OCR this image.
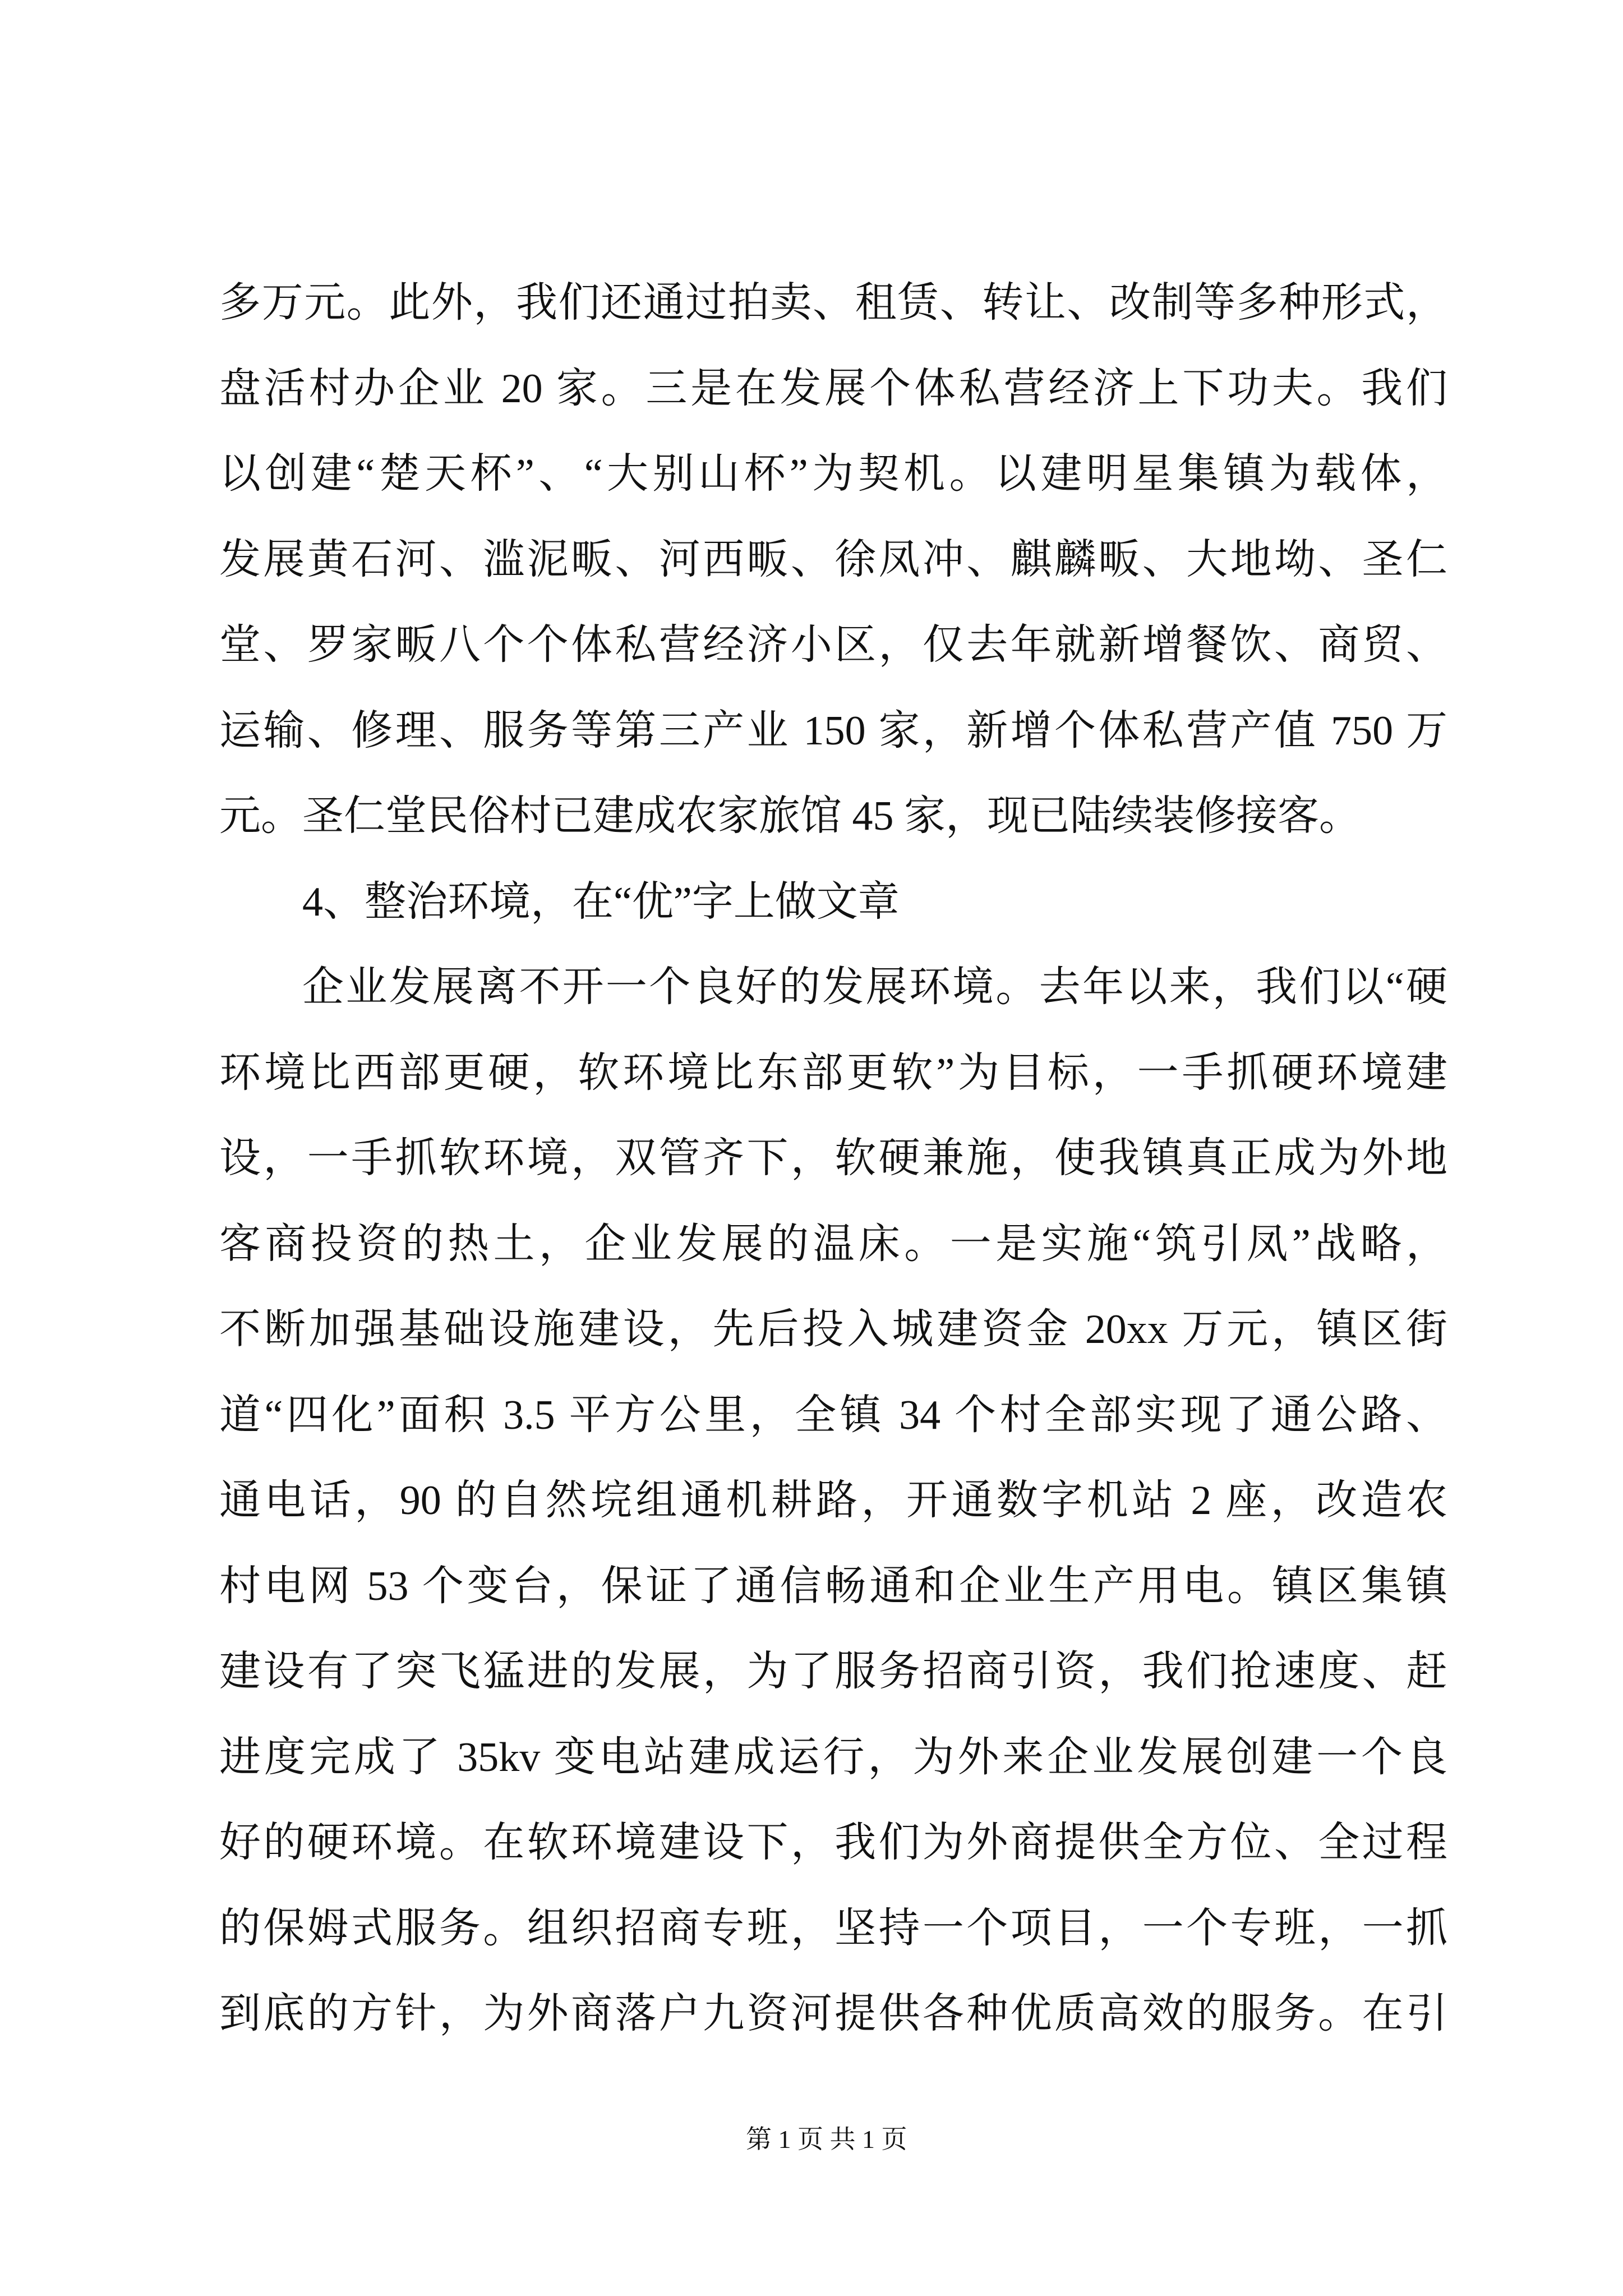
多万元。此外，我们还通过拍卖、租赁、转让、改制等多种形式，
盘活村办企业 20 家。三是在发展个体私营经济上下功夫。我们
以创建“楚天杯”、“大别山杯”为契机。以建明星集镇为载体，
发展黄石河、滥泥畈、河西畈、徐凤冲、麒麟畈、大地坳、圣仁
堂、罗家畈八个个体私营经济小区，仅去年就新增餐饮、商贸、
运输、修理、服务等第三产业 150 家，新增个体私营产值 750 万
元。圣仁堂民俗村已建成农家旅馆 45 家，现已陆续装修接客。
4、整治环境，在“优”字上做文章
企业发展离不开一个良好的发展环境。去年以来，我们以“硬
环境比西部更硬，软环境比东部更软”为目标，一手抓硬环境建
设，一手抓软环境，双管齐下，软硬兼施，使我镇真正成为外地
客商投资的热土，企业发展的温床。一是实施“筑引凤”战略，
不断加强基础设施建设，先后投入城建资金 20xx 万元，镇区街
道“四化”面积 3.5 平方公里，全镇 34 个村全部实现了通公路、
通电话，90 的自然垸组通机耕路，开通数字机站 2 座，改造农
村电网 53 个变台，保证了通信畅通和企业生产用电。镇区集镇
建设有了突飞猛进的发展，为了服务招商引资，我们抢速度、赶
进度完成了 35kv 变电站建成运行，为外来企业发展创建一个良
好的硬环境。在软环境建设下，我们为外商提供全方位、全过程
的保姆式服务。组织招商专班，坚持一个项目，一个专班，一抓
到底的方针，为外商落户九资河提供各种优质高效的服务。在引
第 1 页 共 1 页
